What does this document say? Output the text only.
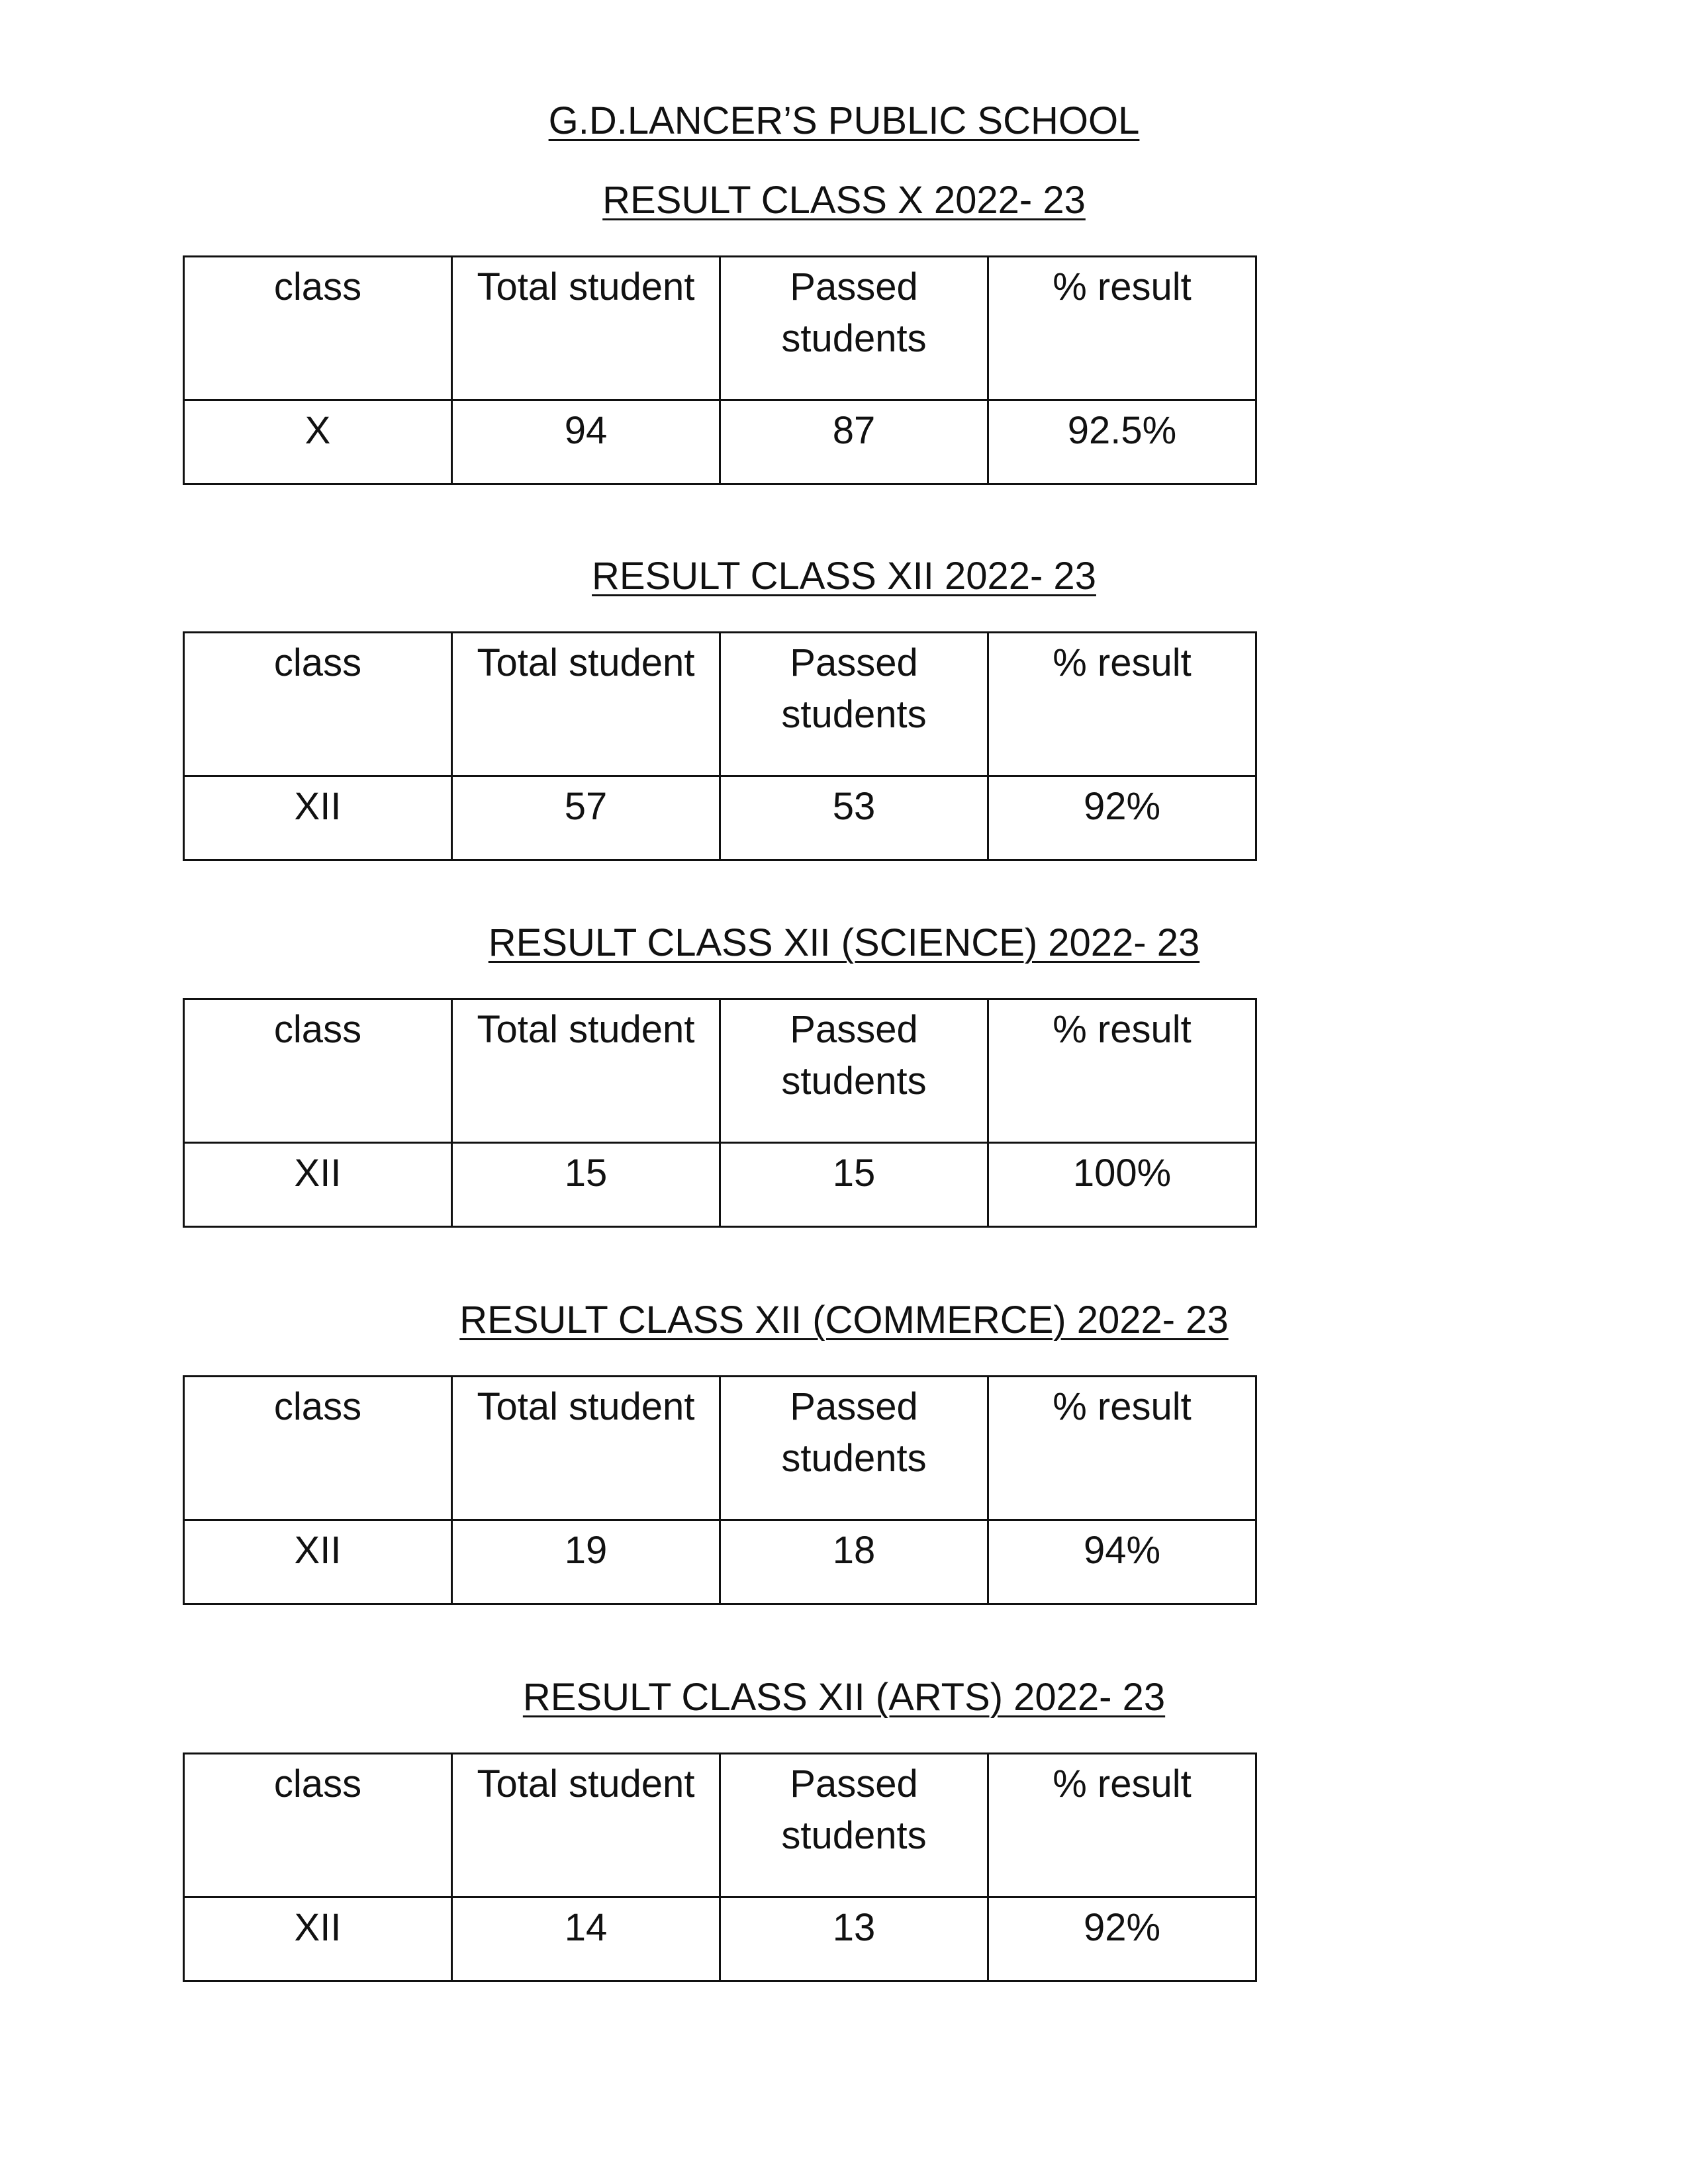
G.D.LANCER’S PUBLIC SCHOOL
RESULT CLASS X 2022- 23
class	Total student	Passed students	% result
X	94	87	92.5%
RESULT CLASS XII 2022- 23
class	Total student	Passed students	% result
XII	57	53	92%
RESULT CLASS XII (SCIENCE) 2022- 23
class	Total student	Passed students	% result
XII	15	15	100%
RESULT CLASS XII (COMMERCE) 2022- 23
class	Total student	Passed students	% result
XII	19	18	94%
RESULT CLASS XII (ARTS) 2022- 23
class	Total student	Passed students	% result
XII	14	13	92%
